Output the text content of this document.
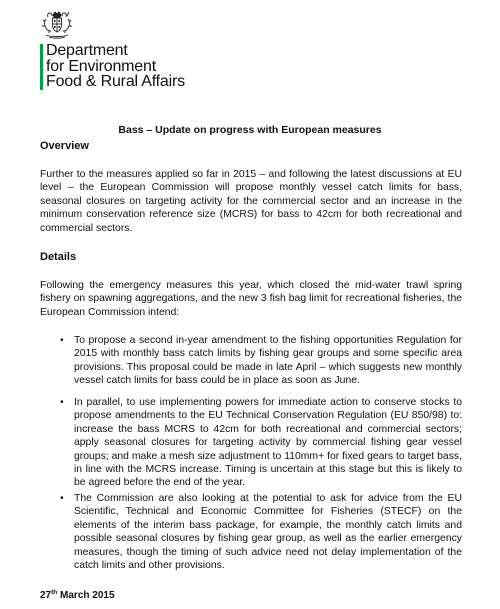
Department
for Environment
Food & Rural Affairs
Bass – Update on progress with European measures
Overview

Further to the measures applied so far in 2015 – and following the latest discussions at EU level – the European Commission will propose monthly vessel catch limits for bass, seasonal closures on targeting activity for the commercial sector and an increase in the minimum conservation reference size (MCRS) for bass to 42cm for both recreational and commercial sectors.

Details

Following the emergency measures this year, which closed the mid-water trawl spring fishery on spawning aggregations, and the new 3 fish bag limit for recreational fisheries, the European Commission intend:

• To propose a second in-year amendment to the fishing opportunities Regulation for 2015 with monthly bass catch limits by fishing gear groups and some specific area provisions. This proposal could be made in late April – which suggests new monthly vessel catch limits for bass could be in place as soon as June.

• In parallel, to use implementing powers for immediate action to conserve stocks to propose amendments to the EU Technical Conservation Regulation (EU 850/98) to: increase the bass MCRS to 42cm for both recreational and commercial sectors; apply seasonal closures for targeting activity by commercial fishing gear vessel groups; and make a mesh size adjustment to 110mm+ for fixed gears to target bass, in line with the MCRS increase. Timing is uncertain at this stage but this is likely to be agreed before the end of the year.

• The Commission are also looking at the potential to ask for advice from the EU Scientific, Technical and Economic Committee for Fisheries (STECF) on the elements of the interim bass package, for example, the monthly catch limits and possible seasonal closures by fishing gear group, as well as the earlier emergency measures, though the timing of such advice need not delay implementation of the catch limits and other provisions.

27th March 2015
